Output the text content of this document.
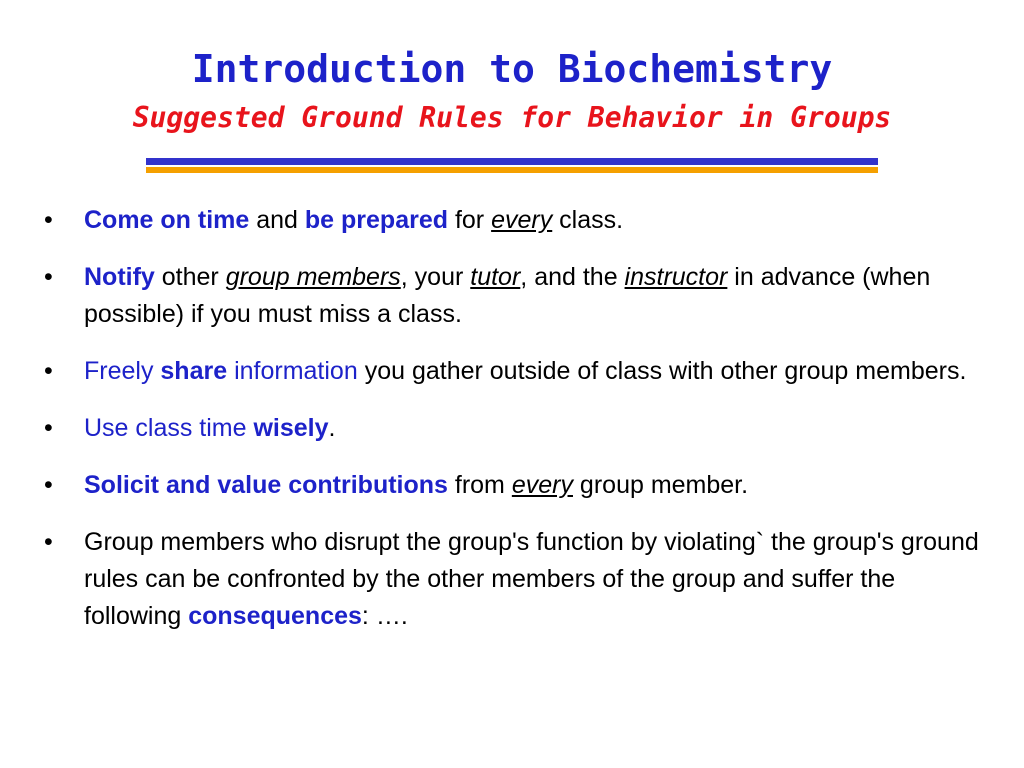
Introduction to Biochemistry
Suggested Ground Rules for Behavior in Groups
• Come on time and be prepared for every class.
• Notify other group members, your tutor, and the instructor in advance (when possible) if you must miss a class.
• Freely share information you gather outside of class with other group members.
• Use class time wisely.
• Solicit and value contributions from every group member.
• Group members who disrupt the group's function by violating` the group's ground rules can be confronted by the other members of the group and suffer the following consequences: ….
